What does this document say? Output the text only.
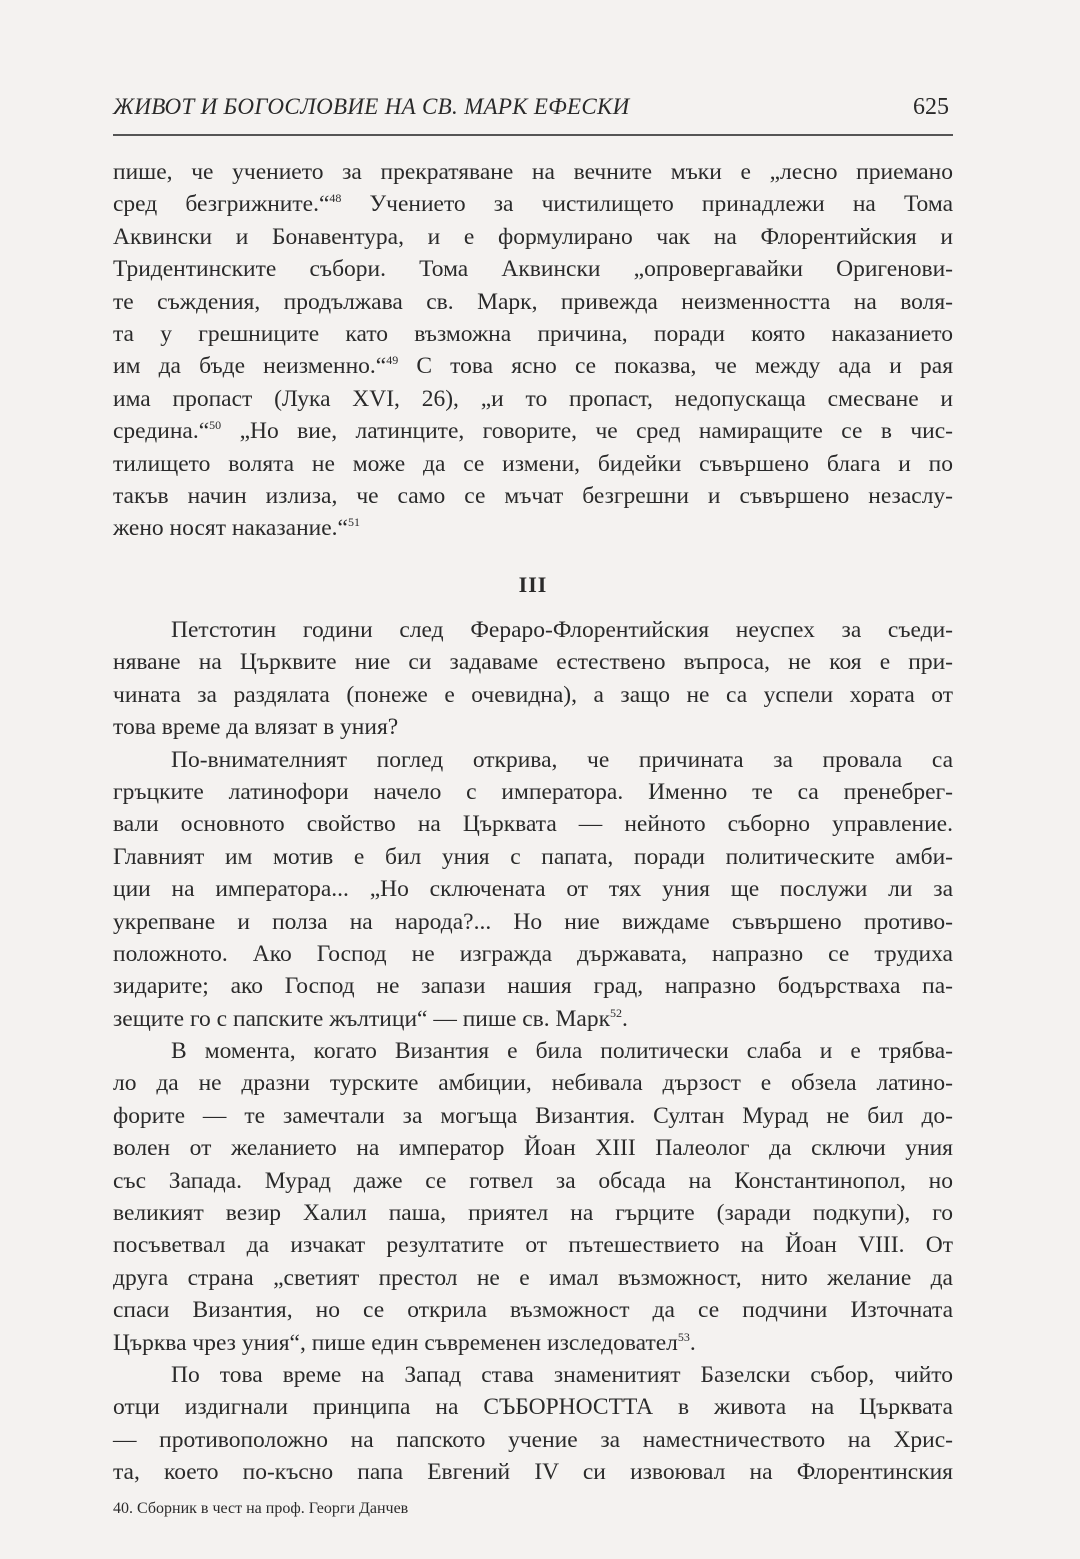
ЖИВОТ И БОГОСЛОВИЕ НА СВ. МАРК ЕФЕСКИ	625
пише, че учението за прекратяване на вечните мъки е „лесно приемано
сред безгрижните.“$^{48}$ Учението за чистилището принадлежи на Тома
Аквински и Бонавентура, и е формулирано чак на Флорентийския и
Тридентинските събори. Тома Аквински „опровергавайки Оригенови-
те съждения, продължава св. Марк, привежда неизменността на воля-
та у грешниците като възможна причина, поради която наказанието
им да бъде неизменно.“$^{49}$ С това ясно се показва, че между ада и рая
има пропаст (Лука XVI, 26), „и то пропаст, недопускаща смесване и
средина.“$^{50}$ „Но вие, латинците, говорите, че сред намиращите се в чис-
тилището волята не може да се измени, бидейки съвършено блага и по
такъв начин излиза, че само се мъчат безгрешни и съвършено незаслу-
жено носят наказание.“$^{51}$
III
Петстотин години след Фераро-Флорентийския неуспех за съеди-
няване на Църквите ние си задаваме естествено въпроса, не коя е при-
чината за раздялата (понеже е очевидна), а защо не са успели хората от
това време да влязат в уния?
По-внимателният поглед открива, че причината за провала са
гръцките латинофори начело с императора. Именно те са пренебрег-
вали основното свойство на Църквата — нейното съборно управление.
Главният им мотив е бил уния с папата, поради политическите амби-
ции на императора... „Но сключената от тях уния ще послужи ли за
укрепване и полза на народа?... Но ние виждаме съвършено противо-
положното. Ако Господ не изгражда държавата, напразно се трудиха
зидарите; ако Господ не запази нашия град, напразно бодърстваха па-
зещите го с папските жълтици“ — пише св. Марк$^{52}$.
В момента, когато Византия е била политически слаба и е трябва-
ло да не дразни турските амбиции, небивала дързост е обзела латино-
форите — те замечтали за могъща Византия. Султан Мурад не бил до-
волен от желанието на император Йоан XIII Палеолог да сключи уния
със Запада. Мурад даже се готвел за обсада на Константинопол, но
великият везир Халил паша, приятел на гърците (заради подкупи), го
посъветвал да изчакат резултатите от пътешествието на Йоан VIII. От
друга страна „светият престол не е имал възможност, нито желание да
спаси Византия, но се открила възможност да се подчини Източната
Църква чрез уния“, пише един съвременен изследовател$^{53}$.
По това време на Запад става знаменитият Базелски събор, чийто
отци издигнали принципа на СЪБОРНОСТТА в живота на Църквата
— противоположно на папското учение за наместничеството на Хрис-
та, което по-късно папа Евгений IV си извоювал на Флорентинския
40. Сборник в чест на проф. Георги Данчев
